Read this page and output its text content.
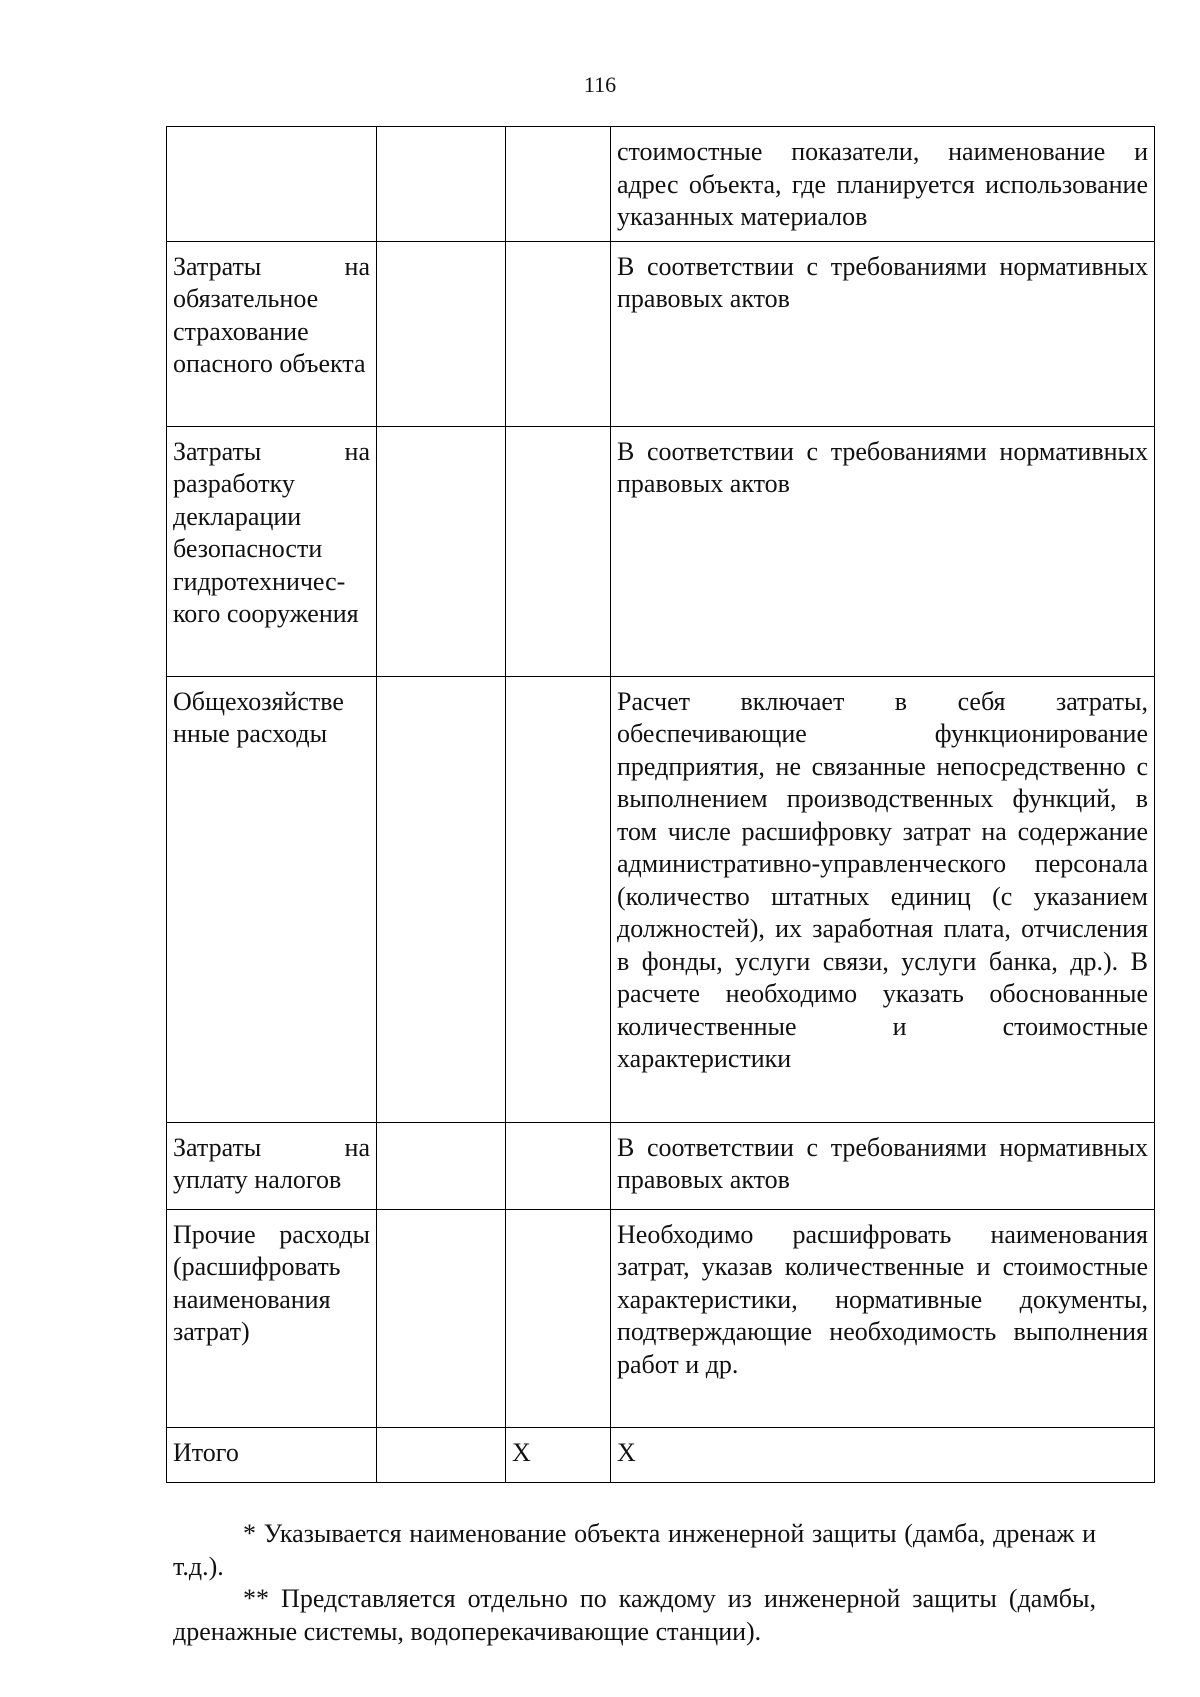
116
			стоимостные показатели, наименование и адрес объекта, где планируется использование указанных материалов
Затраты на обязательное страхование опасного объекта			В соответствии с требованиями нормативных правовых актов
Затраты на разработку декларации безопасности гидротехничес-кого сооружения			В соответствии с требованиями нормативных правовых актов
Общехозяйстве нные расходы			Расчет включает в себя затраты, обеспечивающие функционирование предприятия, не связанные непосредственно с выполнением производственных функций, в том числе расшифровку затрат на содержание административно-управленческого персонала (количество штатных единиц (с указанием должностей), их заработная плата, отчисления в фонды, услуги связи, услуги банка, др.). В расчете необходимо указать обоснованные количественные и стоимостные характеристики
Затраты на уплату налогов			В соответствии с требованиями нормативных правовых актов
Прочие расходы (расшифровать наименования затрат)			Необходимо расшифровать наименования затрат, указав количественные и стоимостные характеристики, нормативные документы, подтверждающие необходимость выполнения работ и др.
Итого		Х	Х

* Указывается наименование объекта инженерной защиты (дамба, дренаж и т.д.).

** Представляется отдельно по каждому из инженерной защиты (дамбы, дренажные системы, водоперекачивающие станции).
